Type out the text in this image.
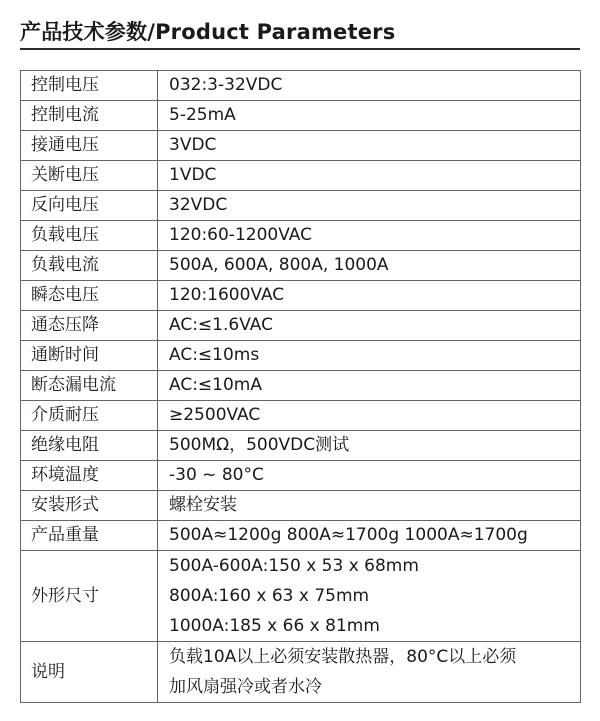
产品技术参数/Product Parameters
控制电压	032:3-32VDC
控制电流	5-25mA
接通电压	3VDC
关断电压	1VDC
反向电压	32VDC
负载电压	120:60-1200VAC
负载电流	500A, 600A, 800A, 1000A
瞬态电压	120:1600VAC
通态压降	AC:≤1.6VAC
通断时间	AC:≤10ms
断态漏电流	AC:≤10mA
介质耐压	≥2500VAC
绝缘电阻	500MΩ，500VDC测试
环境温度	-30 ~ 80°C
安装形式	螺栓安装
产品重量	500A≈1200g 800A≈1700g 1000A≈1700g
外形尺寸	500A-600A:150 x 53 x 68mm
800A:160 x 63 x 75mm
1000A:185 x 66 x 81mm

说明	负载10A以上必须安装散热器，80°C以上必须
加风扇强冷或者水冷
